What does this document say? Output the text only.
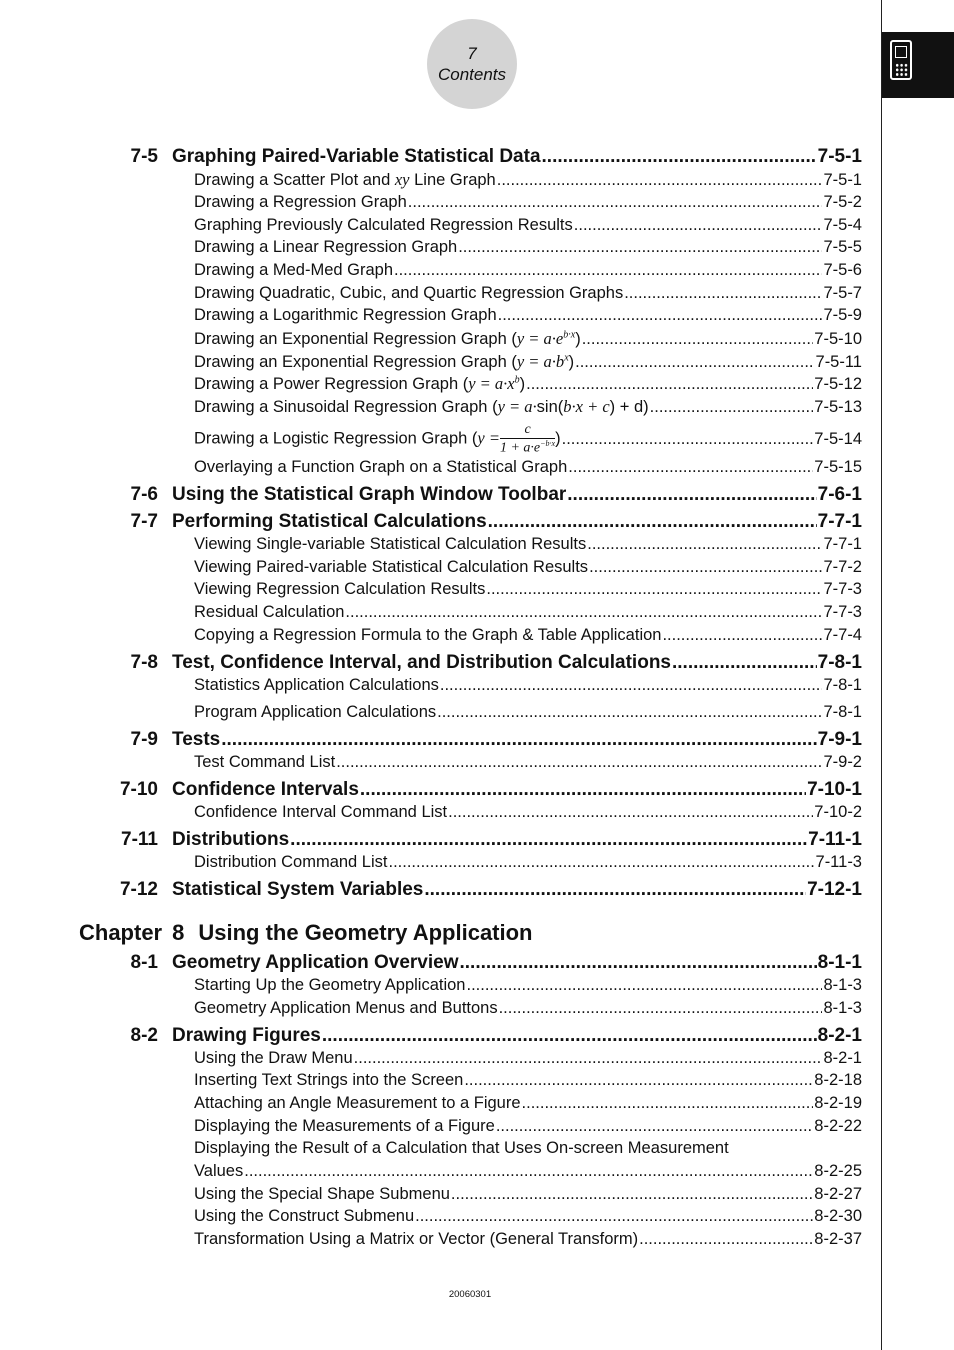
7
Contents
7-5 Graphing Paired-Variable Statistical Data .....	7-5-1
Drawing a Scatter Plot and xy Line Graph .....	7-5-1
Drawing a Regression Graph .....	7-5-2
Graphing Previously Calculated Regression Results .....	7-5-4
Drawing a Linear Regression Graph .....	7-5-5
Drawing a Med-Med Graph .....	7-5-6
Drawing Quadratic, Cubic, and Quartic Regression Graphs .....	7-5-7
Drawing a Logarithmic Regression Graph .....	7-5-9
Drawing an Exponential Regression Graph $(y = a\cdot e^{b\cdot x})$ .....	7-5-10
Drawing an Exponential Regression Graph $(y = a\cdot b^x)$ .....	7-5-11
Drawing a Power Regression Graph $(y = a\cdot x^b)$ .....	7-5-12
Drawing a Sinusoidal Regression Graph (y = a·sin(b·x + c) + d) .....	7-5-13
Drawing a Logistic Regression Graph ($y = \frac{c}{1 + a\cdot e^{-b\cdot x}}$ ) .....	7-5-14
Overlaying a Function Graph on a Statistical Graph .....	7-5-15
7-6 Using the Statistical Graph Window Toolbar .....	7-6-1
7-7 Performing Statistical Calculations .....	7-7-1
Viewing Single-variable Statistical Calculation Results .....	7-7-1
Viewing Paired-variable Statistical Calculation Results .....	7-7-2
Viewing Regression Calculation Results .....	7-7-3
Residual Calculation .....	7-7-3
Copying a Regression Formula to the Graph & Table Application .....	7-7-4
7-8 Test, Confidence Interval, and Distribution Calculations .....	7-8-1
Statistics Application Calculations .....	7-8-1
Program Application Calculations .....	7-8-1
7-9 Tests .....	7-9-1
Test Command List .....	7-9-2
7-10 Confidence Intervals .....	7-10-1
Confidence Interval Command List .....	7-10-2
7-11 Distributions .....	7-11-1
Distribution Command List .....	7-11-3
7-12 Statistical System Variables .....	7-12-1
8-1 Geometry Application Overview .....	8-1-1
Starting Up the Geometry Application .....	8-1-3
Geometry Application Menus and Buttons .....	8-1-3
8-2 Drawing Figures .....	8-2-1
Using the Draw Menu .....	8-2-1
Inserting Text Strings into the Screen .....	8-2-18
Attaching an Angle Measurement to a Figure .....	8-2-19
Displaying the Measurements of a Figure .....	8-2-22
Displaying the Result of a Calculation that Uses On-screen Measurement
Values .....	8-2-25
Using the Special Shape Submenu .....	8-2-27
Using the Construct Submenu .....	8-2-30
Transformation Using a Matrix or Vector (General Transform) .....	8-2-37
Chapter 8 Using the Geometry Application
20060301
